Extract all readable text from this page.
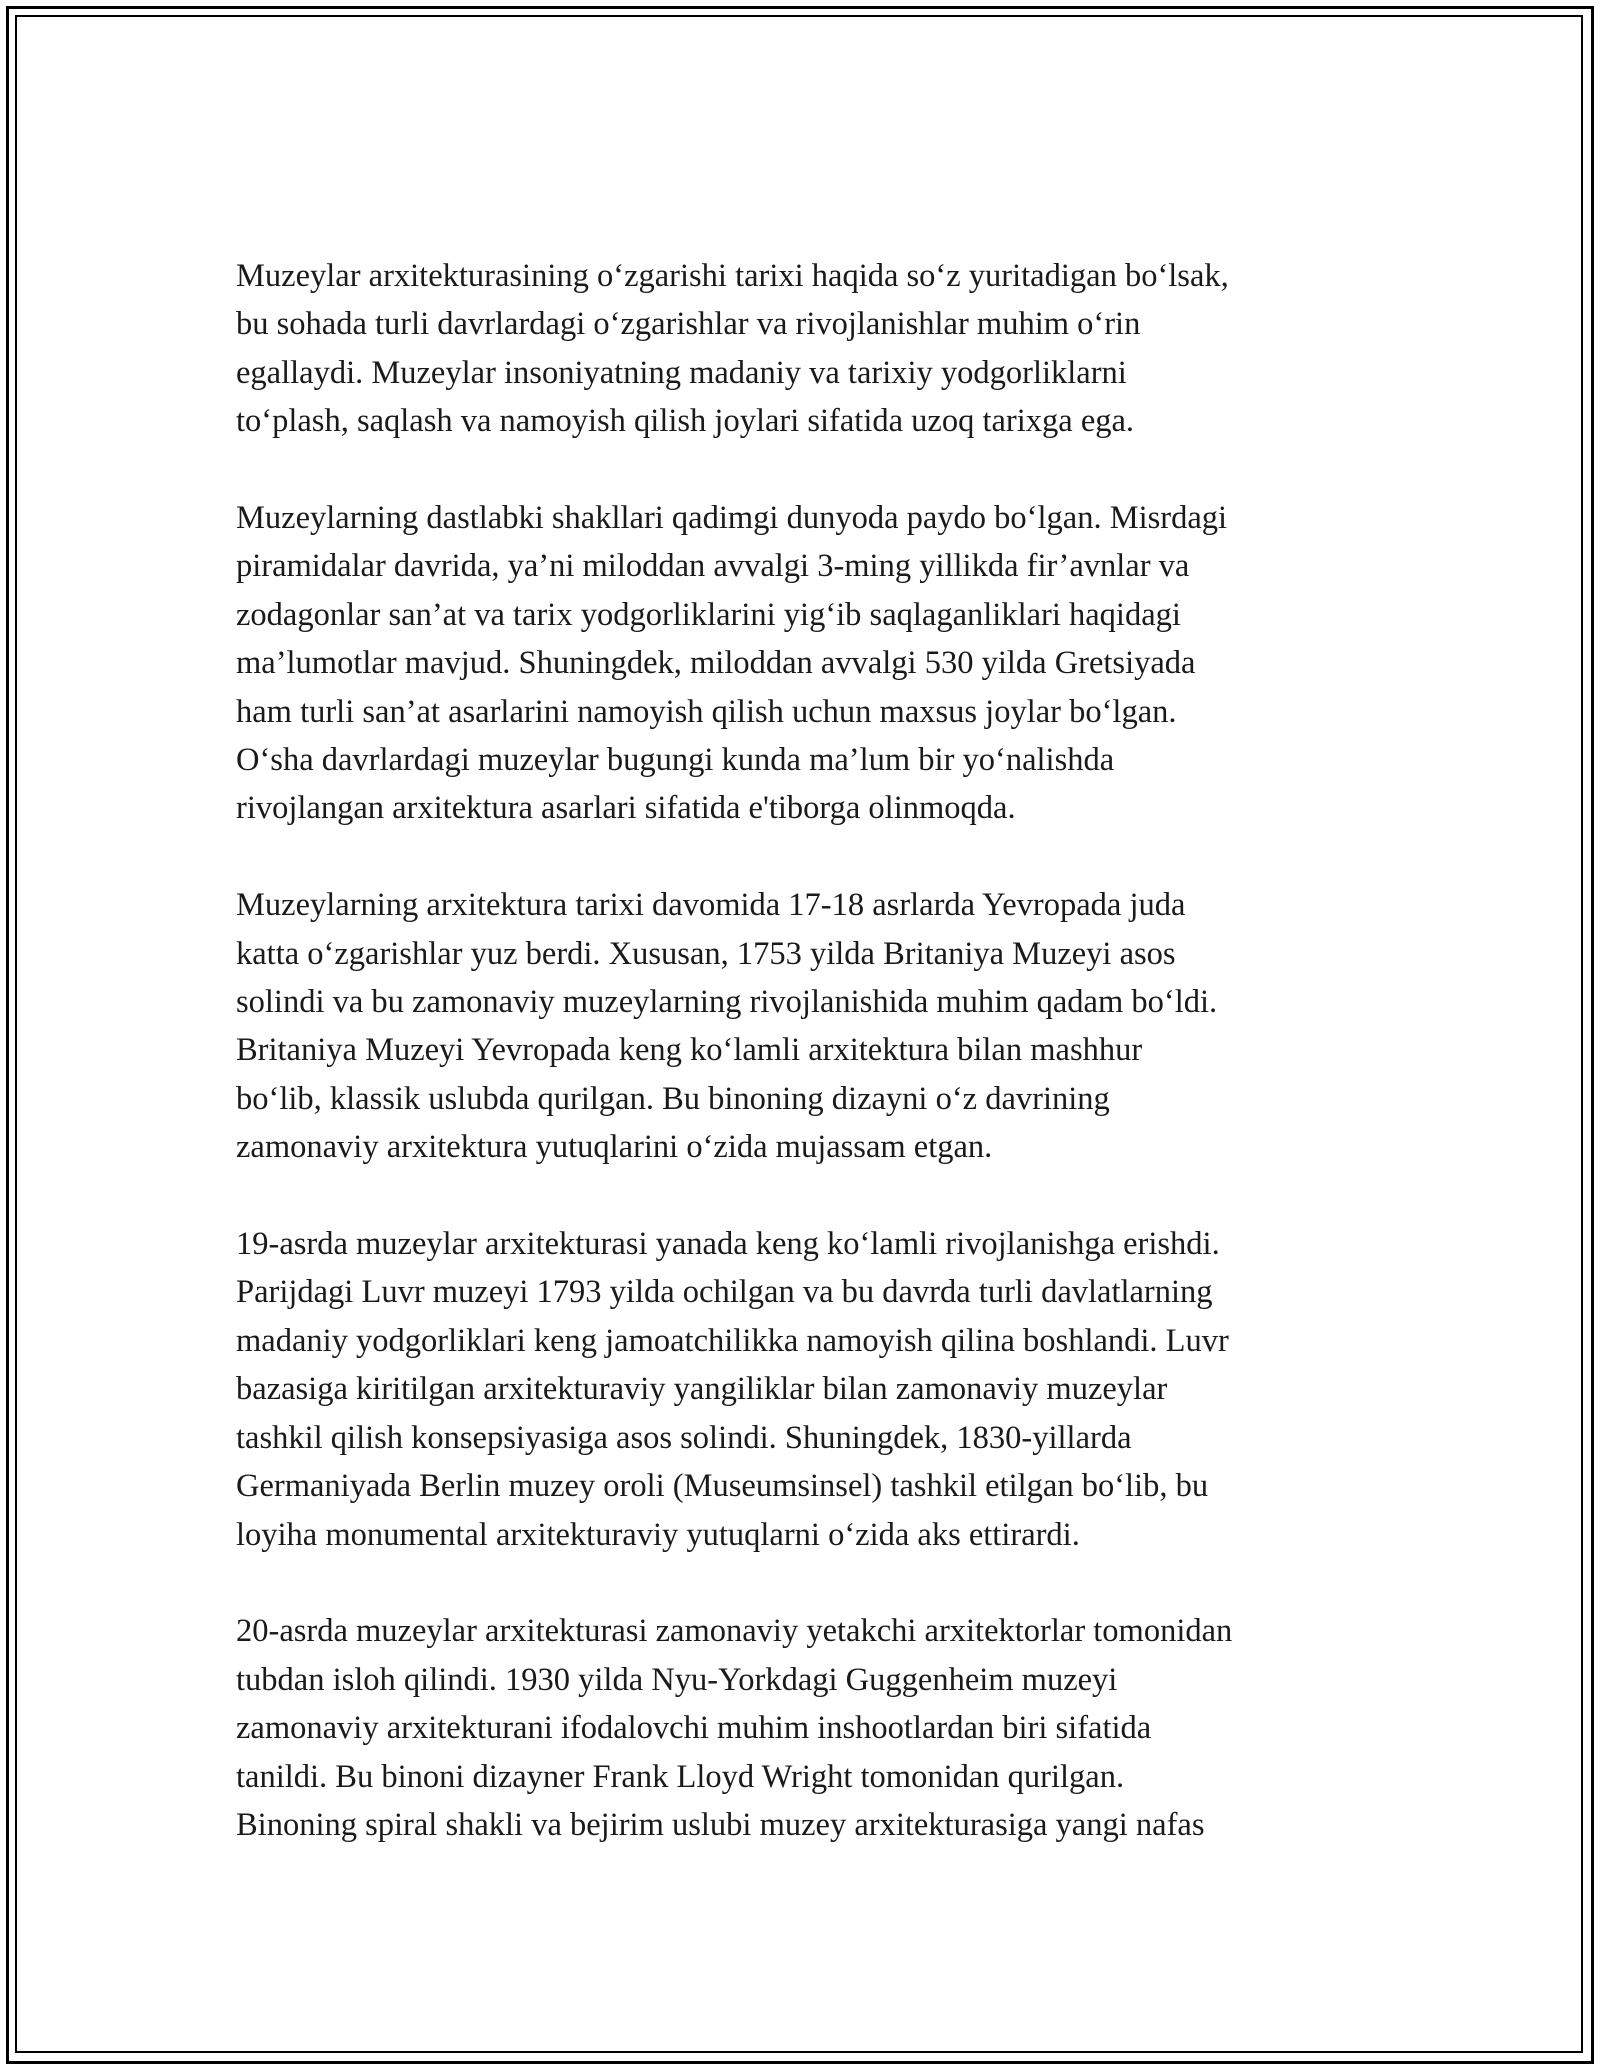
Muzeylar arxitekturasining o‘zgarishi tarixi haqida so‘z yuritadigan bo‘lsak,
bu sohada turli davrlardagi o‘zgarishlar va rivojlanishlar muhim o‘rin
egallaydi. Muzeylar insoniyatning madaniy va tarixiy yodgorliklarni
to‘plash, saqlash va namoyish qilish joylari sifatida uzoq tarixga ega.

Muzeylarning dastlabki shakllari qadimgi dunyoda paydo bo‘lgan. Misrdagi
piramidalar davrida, ya’ni miloddan avvalgi 3-ming yillikda fir’avnlar va
zodagonlar san’at va tarix yodgorliklarini yig‘ib saqlaganliklari haqidagi
ma’lumotlar mavjud. Shuningdek, miloddan avvalgi 530 yilda Gretsiyada
ham turli san’at asarlarini namoyish qilish uchun maxsus joylar bo‘lgan.
O‘sha davrlardagi muzeylar bugungi kunda ma’lum bir yo‘nalishda
rivojlangan arxitektura asarlari sifatida e'tiborga olinmoqda.

Muzeylarning arxitektura tarixi davomida 17-18 asrlarda Yevropada juda
katta o‘zgarishlar yuz berdi. Xususan, 1753 yilda Britaniya Muzeyi asos
solindi va bu zamonaviy muzeylarning rivojlanishida muhim qadam bo‘ldi.
Britaniya Muzeyi Yevropada keng ko‘lamli arxitektura bilan mashhur
bo‘lib, klassik uslubda qurilgan. Bu binoning dizayni o‘z davrining
zamonaviy arxitektura yutuqlarini o‘zida mujassam etgan.

19-asrda muzeylar arxitekturasi yanada keng ko‘lamli rivojlanishga erishdi.
Parijdagi Luvr muzeyi 1793 yilda ochilgan va bu davrda turli davlatlarning
madaniy yodgorliklari keng jamoatchilikka namoyish qilina boshlandi. Luvr
bazasiga kiritilgan arxitekturaviy yangiliklar bilan zamonaviy muzeylar
tashkil qilish konsepsiyasiga asos solindi. Shuningdek, 1830-yillarda
Germaniyada Berlin muzey oroli (Museumsinsel) tashkil etilgan bo‘lib, bu
loyiha monumental arxitekturaviy yutuqlarni o‘zida aks ettirardi.

20-asrda muzeylar arxitekturasi zamonaviy yetakchi arxitektorlar tomonidan
tubdan isloh qilindi. 1930 yilda Nyu-Yorkdagi Guggenheim muzeyi
zamonaviy arxitekturani ifodalovchi muhim inshootlardan biri sifatida
tanildi. Bu binoni dizayner Frank Lloyd Wright tomonidan qurilgan.
Binoning spiral shakli va bejirim uslubi muzey arxitekturasiga yangi nafas
